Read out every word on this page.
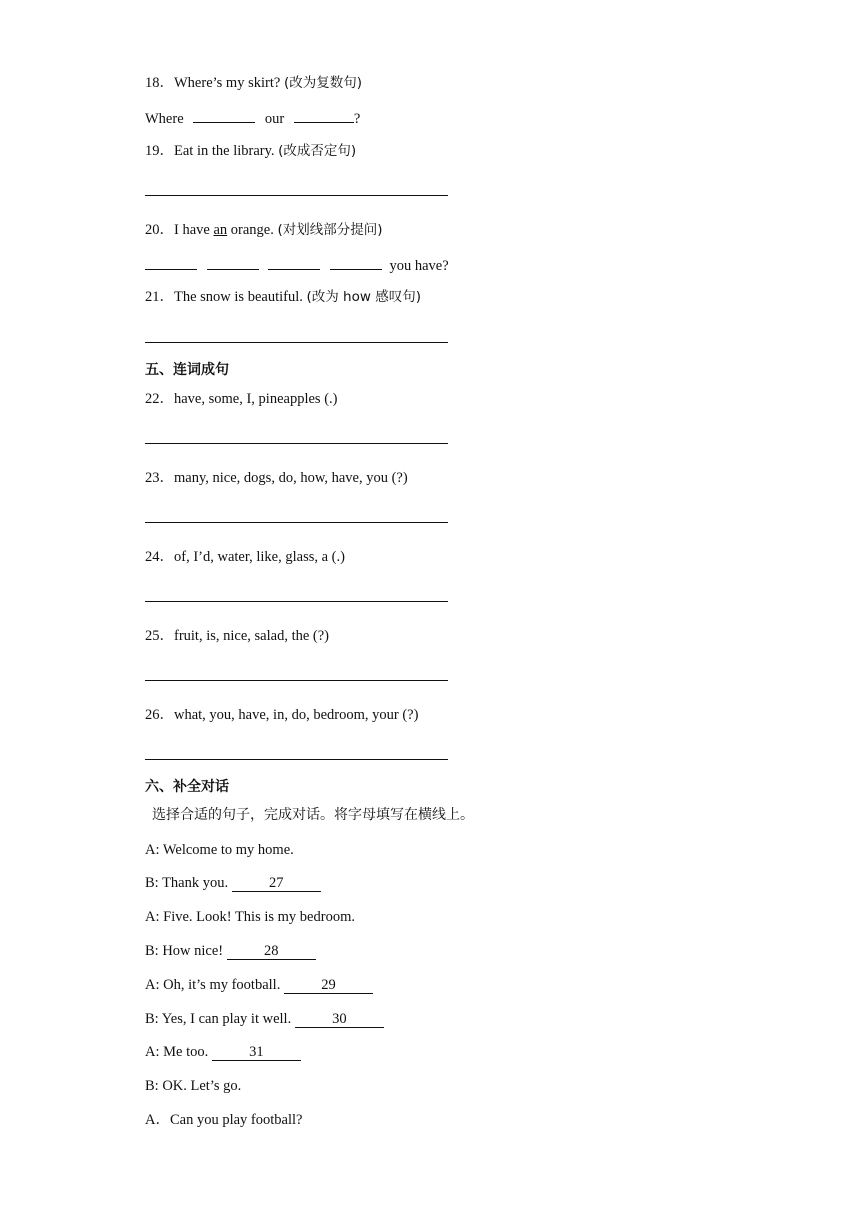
18．Where’s my skirt? (改为复数句)
Where	our	?
19．Eat in the library. (改成否定句)
20．I have an orange. (对划线部分提问)
you have?
21．The snow is beautiful. (改为 how 感叹句)
五、连词成句
22．have, some, I, pineapples (.)
23．many, nice, dogs, do, how, have, you (?)
24．of, I’d, water, like, glass, a (.)
25．fruit, is, nice, salad, the (?)
26．what, you, have, in, do, bedroom, your (?)
六、补全对话
选择合适的句子，完成对话。将字母填写在横线上。
A: Welcome to my home.
B: Thank you.	27
A: Five. Look! This is my bedroom.
B: How nice!	28
A: Oh, it’s my football.	29
B: Yes, I can play it well.	30
A: Me too.	31
B: OK. Let’s go.
A．Can you play football?
